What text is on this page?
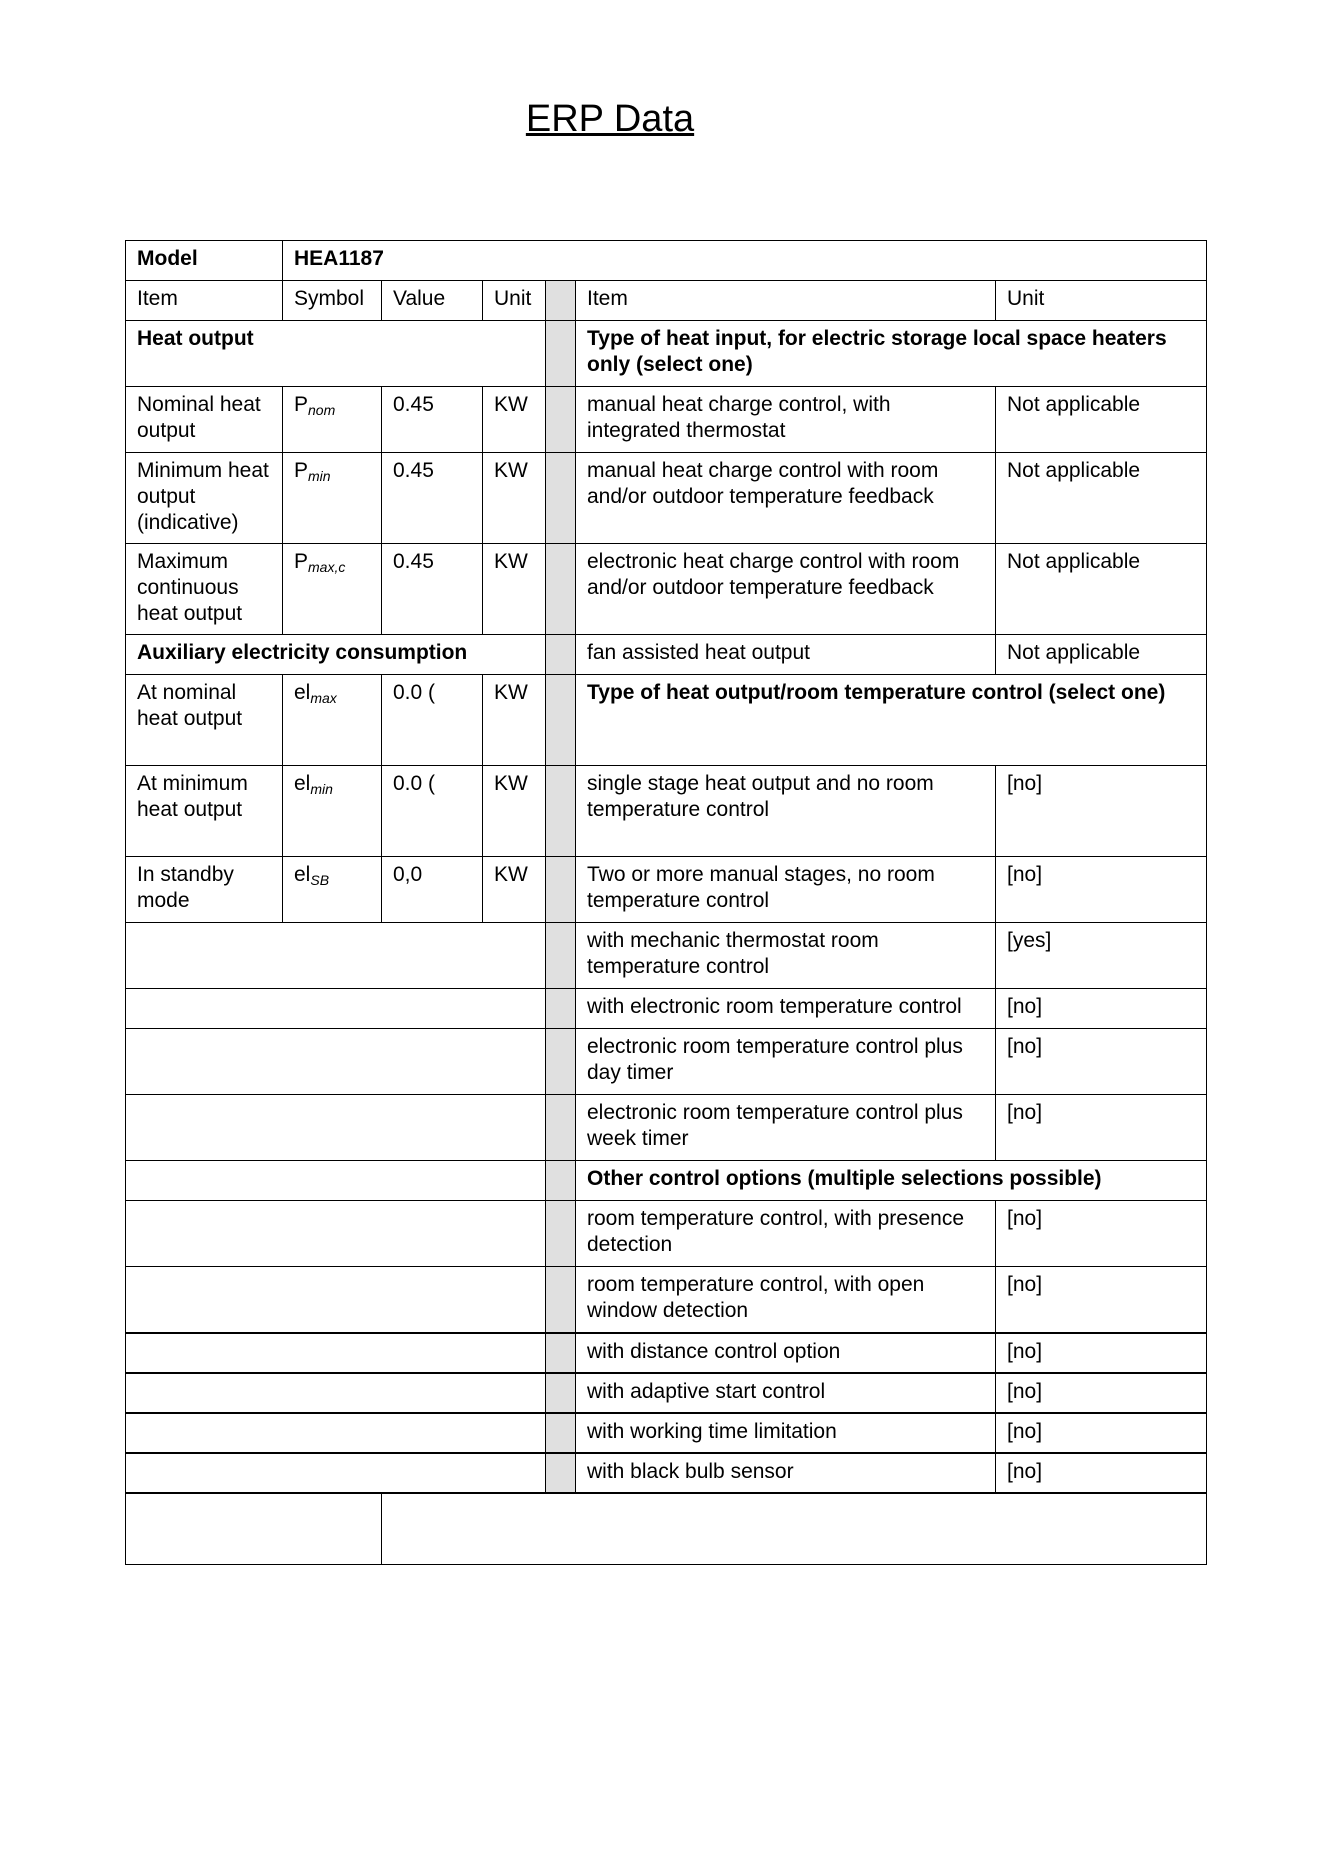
ERP Data
Model	HEA1187					
Item	Symbol	Value	Unit		Item	Unit
Heat output					Type of heat input, for electric storage local space heaters only (select one)	
Nominal heat output	$P_{nom}$	0.45	KW		manual heat charge control, with integrated thermostat	Not applicable
Minimum heat output (indicative)	$P_{min}$	0.45	KW		manual heat charge control with room and/or outdoor temperature feedback	Not applicable
Maximum continuous heat output	$P_{max,c}$	0.45	KW		electronic heat charge control with room and/or outdoor temperature feedback	Not applicable
Auxiliary electricity consumption					fan assisted heat output	Not applicable
At nominal heat output	$el_{max}$	0.0 (	KW		Type of heat output/room temperature control (select one)	
At minimum heat output	$el_{min}$	0.0 (	KW		single stage heat output and no room temperature control	[no]
In standby mode	$el_{SB}$	0,0	KW		Two or more manual stages, no room temperature control	[no]
					with mechanic thermostat room temperature control	[yes]
					with electronic room temperature control	[no]
					electronic room temperature control plus day timer	[no]
					electronic room temperature control plus week timer	[no]
					Other control options (multiple selections possible)	
					room temperature control, with presence detection	[no]
					room temperature control, with open window detection	[no]
					with distance control option	[no]
					with adaptive start control	[no]
					with working time limitation	[no]
					with black bulb sensor	[no]
